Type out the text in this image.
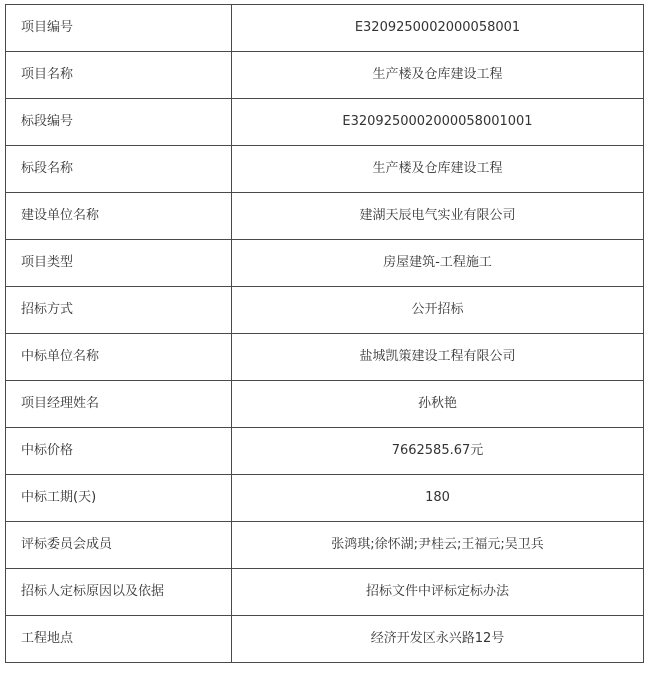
项目编号	E3209250002000058001
项目名称	生产楼及仓库建设工程
标段编号	E3209250002000058001001
标段名称	生产楼及仓库建设工程
建设单位名称	建湖天辰电气实业有限公司
项目类型	房屋建筑-工程施工
招标方式	公开招标
中标单位名称	盐城凯策建设工程有限公司
项目经理姓名	孙秋艳
中标价格	7662585.67元
中标工期(天)	180
评标委员会成员	张鸿琪;徐怀湖;尹桂云;王福元;吴卫兵
招标人定标原因以及依据	招标文件中评标定标办法
工程地点	经济开发区永兴路12号
